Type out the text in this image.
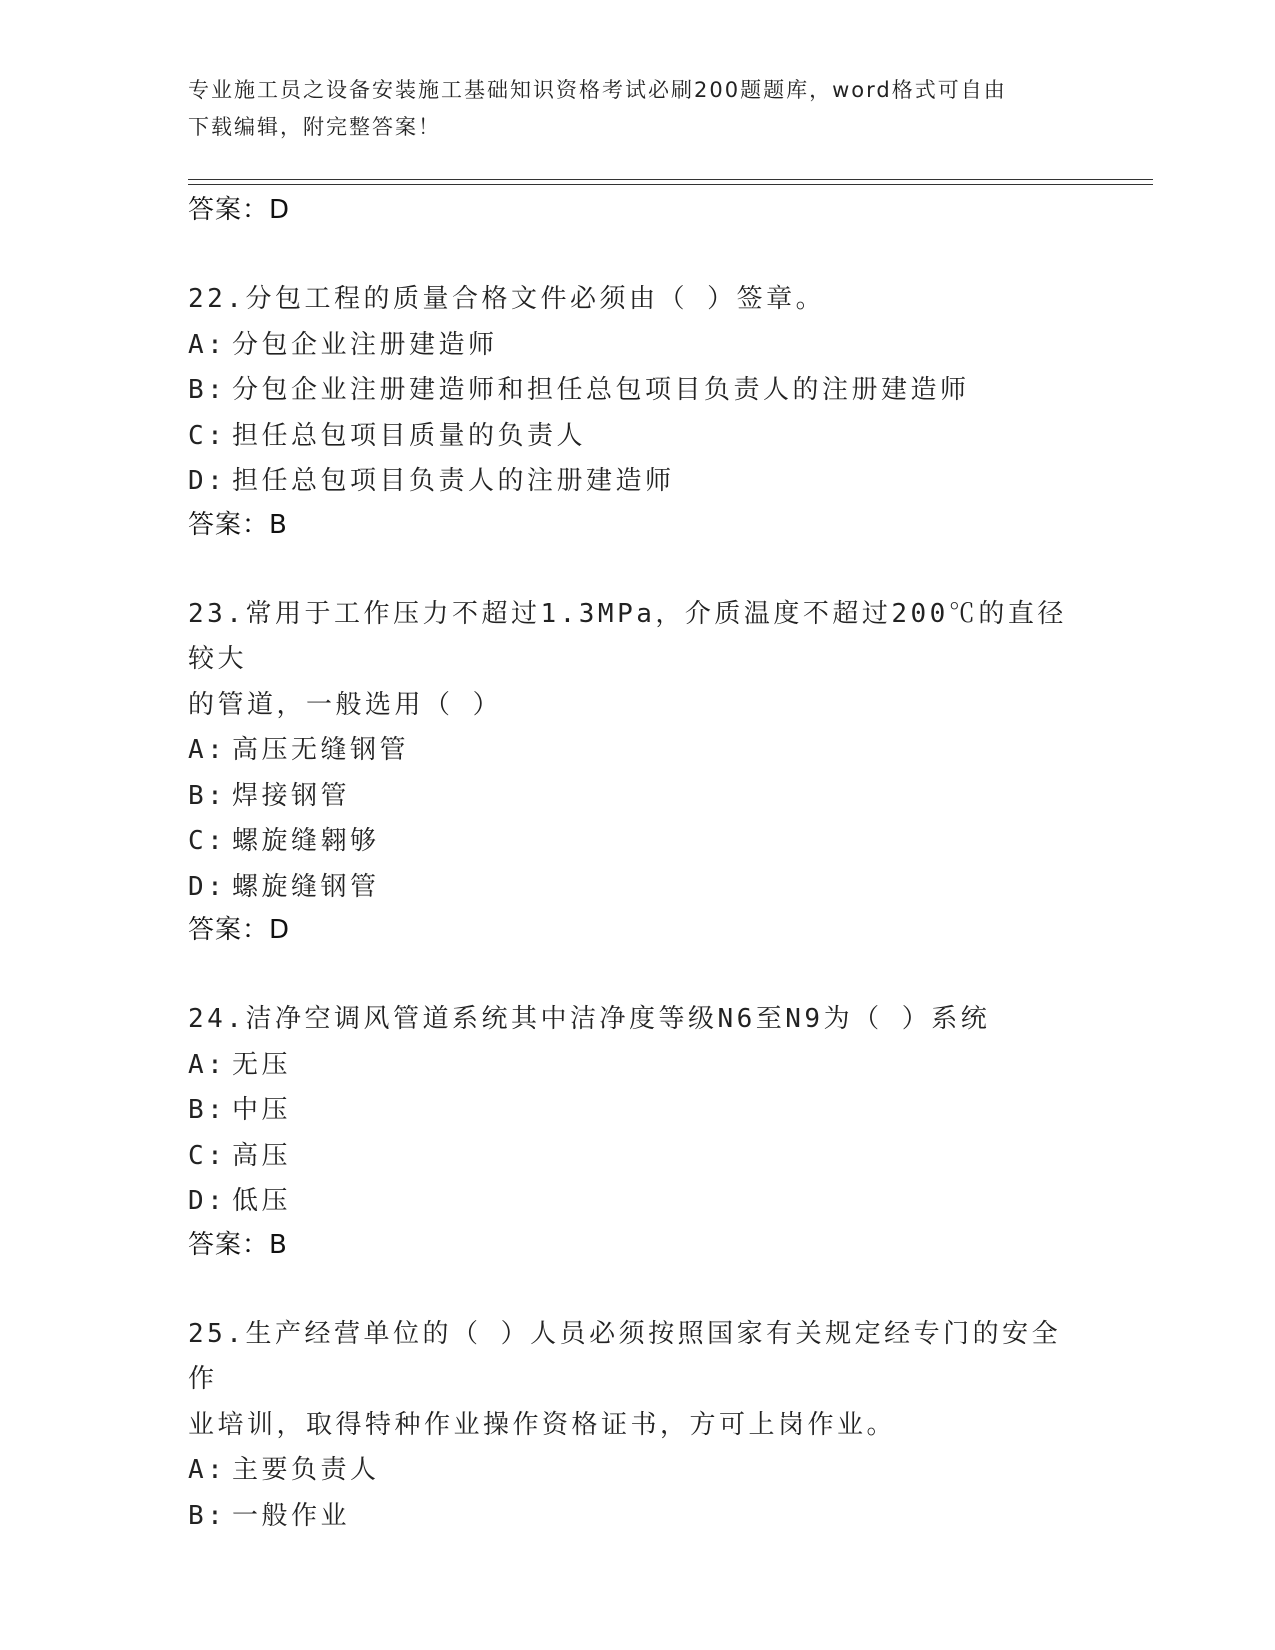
专业施工员之设备安装施工基础知识资格考试必刷200题题库，word格式可自由
下载编辑，附完整答案！
答案：D
22.分包工程的质量合格文件必须由（ ）签章。
A: 分包企业注册建造师
B: 分包企业注册建造师和担任总包项目负责人的注册建造师
C: 担任总包项目质量的负责人
D: 担任总包项目负责人的注册建造师
答案：B
23.常用于工作压力不超过1.3MPa，介质温度不超过200℃的直径较大
的管道，一般选用（ ）
A: 高压无缝钢管
B: 焊接钢管
C: 螺旋缝翱够
D: 螺旋缝钢管
答案：D
24.洁净空调风管道系统其中洁净度等级N6至N9为（ ）系统
A: 无压
B: 中压
C: 高压
D: 低压
答案：B
25.生产经营单位的（ ）人员必须按照国家有关规定经专门的安全作
业培训，取得特种作业操作资格证书，方可上岗作业。
A: 主要负责人
B: 一般作业
